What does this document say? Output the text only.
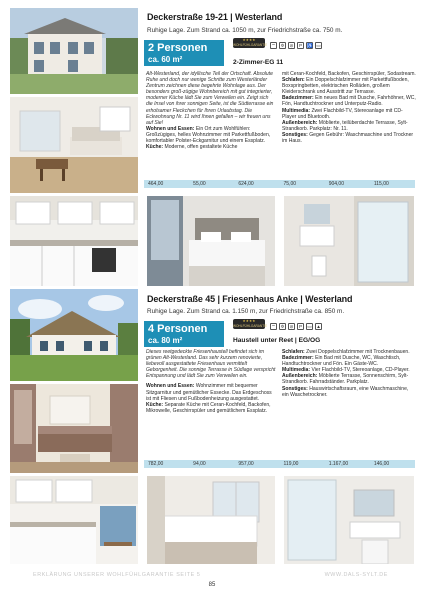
Deckerstraße 19-21 | Westerland
Ruhige Lage. Zum Strand ca. 1050 m, zur Friedrichstraße ca. 750 m.
2 Personen
ca. 60 m²
★★★★
WOHLFÜHLGARANTIE ⌔	✲	⊘	P	♿ ▭
2-Zimmer-EG 11

Alt-Westerland, der idyllische Teil der Ortschaft. Absolute Ruhe und doch nur wenige Schritte zum Westerländer Zentrum zeichnen diese begehrte Wohnlage aus. Der besonders groß-zügige Wohnbereich mit gut integrierter, moderner Küche lädt Sie zum Verweilen ein. Zeigt sich die Insel von ihrer sonnigen Seite, ist die Südterrasse ein erholsamer Fleckchen für Ihren Urlaubstag. Die Eckwohnung Nr. 11 wird Ihnen gefallen – wir freuen uns auf Sie!

Wohnen und Essen: Ein Ort zum Wohlfühlen: Großzügiges, helles Wohnzimmer mit Parkettfußboden, komfortabler Polster-Eckgarnitur und einem Essplatz.

Küche: Moderne, offen gestaltete Küche

mit Ceran-Kochfeld, Backofen, Geschirrspüler, Sodastream.

Schlafen: Ein Doppelschlafzimmer mit Parkettfußboden, Boxspringbetten, elektrischen Rolläden, großem Kleiderschrank und Ausstritt zur Terrasse.

Badezimmer: Ein neues Bad mit Dusche, Fahrhöhner, WC, Fön, Handtuchtrockner und Unterputz-Radio.

Multimedia: Zwei Flachbild-TV, Stereoanlage mit CD-Player und Bluetooth.

Außenbereich: Möblierte, teilüberdachte Terrasse, Sylt-Strandkorb. Parkplatz: Nr. 11.

Sonstiges: Gegen Gebühr: Waschmaschine und Trockner im Haus.

464,00	55,00	624,00	75,00	904,00	115,00
Deckerstraße 45 | Friesenhaus Anke | Westerland
Ruhige Lage. Zum Strand ca. 1.150 m, zur Friedrichstraße ca. 850 m.
4 Personen
ca. 80 m²
★★★★
WOHLFÜHLGARANTIE ⌔	✲	⊘	P	▭ ▲
Haustell unter Reet | EG/OG

Dieses reetgedeckte Friesenhaustell befindet sich im grünen Alt-Westerland. Das sehr kurzem renovierte, liebevoll ausgestattete Friesenhaus vermittelt Geborgenheit. Die sonnige Terrasse in Südlage verspricht Entspannung und lädt Sie zum Verweilen ein.

Wohnen und Essen: Wohnzimmer mit bequemer Sitzgarnitur und gemütlicher Essecke. Das Erdgeschoss ist mit Fliesen und Fußbodenheizung ausgestattet.

Küche: Separate Küche mit Ceran-Kochfeld, Backofen, Mikrowelle, Geschirrspüler und gemütlichem Essplatz.

Schlafen: Zwei Doppelschlafzimmer mit Trocknenbauen.

Badezimmer: Ein Bad mit Dusche, WC, Waschtisch, Handtuchtrockner und Fön. Ein Gäste-WC.

Multimedia: Vier Flachbild-TV, Stereoanlage, CD-Player.

Außenbereich: Möblierte Terrasse, Sonnenschirm, Sylt-Strandkorb. Fahrradständer. Parkplatz.

Sonstiges: Hauswirtschaftsraum, eine Waschmaschine, ein Waschetrockner.

782,00	94,00	957,00	119,00	1.167,00	146,00
ERKLÄRUNG UNSERER WOHLFÜHLGARANTIE SEITE 5	WWW.DALS-SYLT.DE
85
